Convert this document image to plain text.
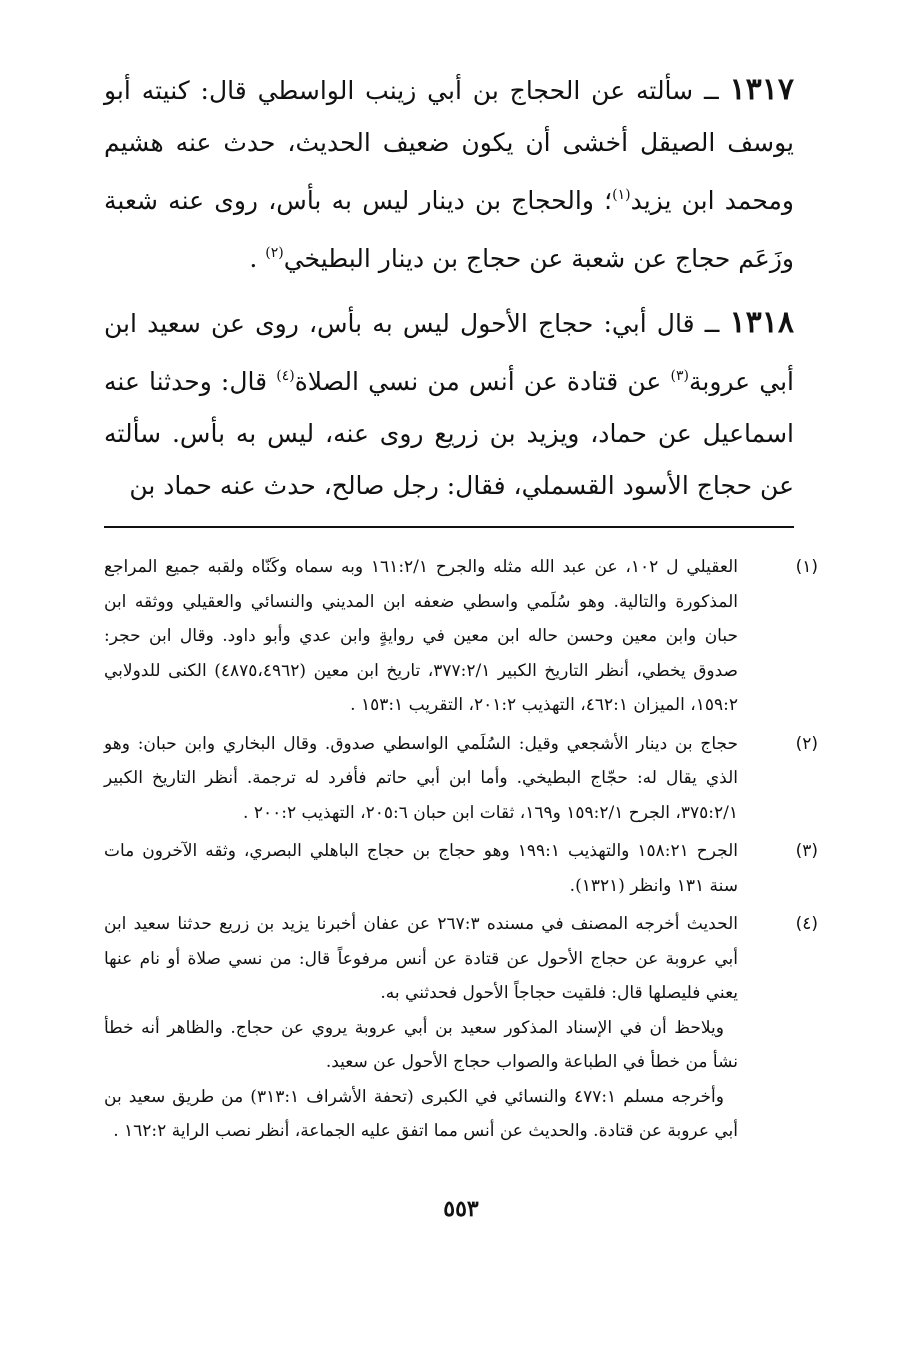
١٣١٧ ــ سألته عن الحجاج بن أبي زينب الواسطي قال: كنيته أبو يوسف الصيقل أخشى أن يكون ضعيف الحديث، حدث عنه هشيم ومحمد ابن يزيد$^{(١)}$؛ والحجاج بن دينار ليس به بأس، روى عنه شعبة وزَعَم حجاج عن شعبة عن حجاج بن دينار البطيخي$^{(٢)}$ .

١٣١٨ ــ قال أبي: حجاج الأحول ليس به بأس، روى عن سعيد ابن أبي عروبة$^{(٣)}$ عن قتادة عن أنس من نسي الصلاة$^{(٤)}$ قال: وحدثنا عنه اسماعيل عن حماد، ويزيد بن زريع روى عنه، ليس به بأس. سألته عن حجاج الأسود القسملي، فقال: رجل صالح، حدث عنه حماد بن

(١)
العقيلي ل ١٠٢، عن عبد الله مثله والجرح ١٦١:٢/١ وبه سماه وكَنّاه ولقبه جميع المراجع المذكورة والتالية. وهو سُلَمي واسطي ضعفه ابن المديني والنسائي والعقيلي ووثقه ابن حبان وابن معين وحسن حاله ابن معين في روايةٍ وابن عدي وأبو داود. وقال ابن حجر: صدوق يخطي، أنظر التاريخ الكبير ٣٧٧:٢/١، تاريخ ابن معين (٤٨٧٥،٤٩٦٢) الكنى للدولابي ١٥٩:٢، الميزان ٤٦٢:١، التهذيب ٢٠١:٢، التقريب ١٥٣:١ .
(٢)
حجاج بن دينار الأشجعي وقيل: السُلَمي الواسطي صدوق. وقال البخاري وابن حبان: وهو الذي يقال له: حجّاج البطيخي. وأما ابن أبي حاتم فأفرد له ترجمة. أنظر التاريخ الكبير ٣٧٥:٢/١، الجرح ١٥٩:٢/١ و١٦٩، ثقات ابن حبان ٢٠٥:٦، التهذيب ٢٠٠:٢ .
(٣)
الجرح ١٥٨:٢١ والتهذيب ١٩٩:١ وهو حجاج بن حجاج الباهلي البصري، وثقه الآخرون مات سنة ١٣١ وانظر (١٣٢١).
(٤)
الحديث أخرجه المصنف في مسنده ٢٦٧:٣ عن عفان أخبرنا يزيد بن زريع حدثنا سعيد ابن أبي عروبة عن حجاج الأحول عن قتادة عن أنس مرفوعاً قال: من نسي صلاة أو نام عنها يعني فليصلها قال: فلقيت حجاجاً الأحول فحدثني به.
ويلاحظ أن في الإسناد المذكور سعيد بن أبي عروبة يروي عن حجاج. والظاهر أنه خطأ نشأ من خطأ في الطباعة والصواب حجاج الأحول عن سعيد.
وأخرجه مسلم ٤٧٧:١ والنسائي في الكبرى (تحفة الأشراف ٣١٣:١) من طريق سعيد بن أبي عروبة عن قتادة. والحديث عن أنس مما اتفق عليه الجماعة، أنظر نصب الراية ١٦٢:٢ .
٥٥٣
